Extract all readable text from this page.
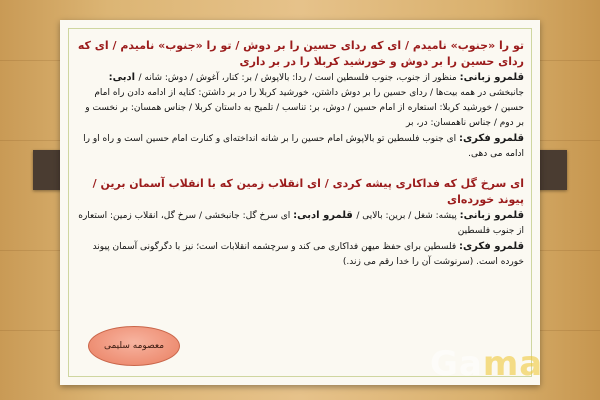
تو را «جنوب» نامیدم / ای که ردای حسین را بر دوش / تو را «جنوب» نامیدم / ای که ردای حسین را بر دوش و خورشید کربلا را در بر داری

قلمرو زبانی: منظور از جنوب، جنوب فلسطین است / ردا: بالاپوش / بر: کنار، آغوش / دوش: شانه / ادبی: جانبخشی در همه بیت‌ها / ردای حسین را بر دوش داشتن، خورشید کربلا را در بر داشتن: کنایه از ادامه دادن راه امام حسین / خورشید کربلا: استعاره از امام حسین / دوش، بر: تناسب / تلمیح به داستان کربلا / جناس همسان: بر نخست و بر دوم / جناس ناهمسان: در، بر

قلمرو فکری: ای جنوب فلسطین تو بالاپوش امام حسین را بر شانه انداخته‌ای و کنارت امام حسین است و راه او را ادامه می دهی.

ای سرخ گل که فداکاری پیشه کردی / ای انقلاب زمین که با انقلاب آسمان برین / پیوند خورده‌ای

قلمرو زبانی: پیشه: شغل / برین: بالایی / قلمرو ادبی: ای سرخ گل: جانبخشی / سرخ گل، انقلاب زمین: استعاره از جنوب فلسطین

قلمرو فکری: فلسطین برای حفظ میهن فداکاری می کند و سرچشمه انقلابات است؛ نیز با دگرگونی آسمان پیوند خورده است. (سرنوشت آن را خدا رقم می زند.)

معصومه سلیمی	Gama
